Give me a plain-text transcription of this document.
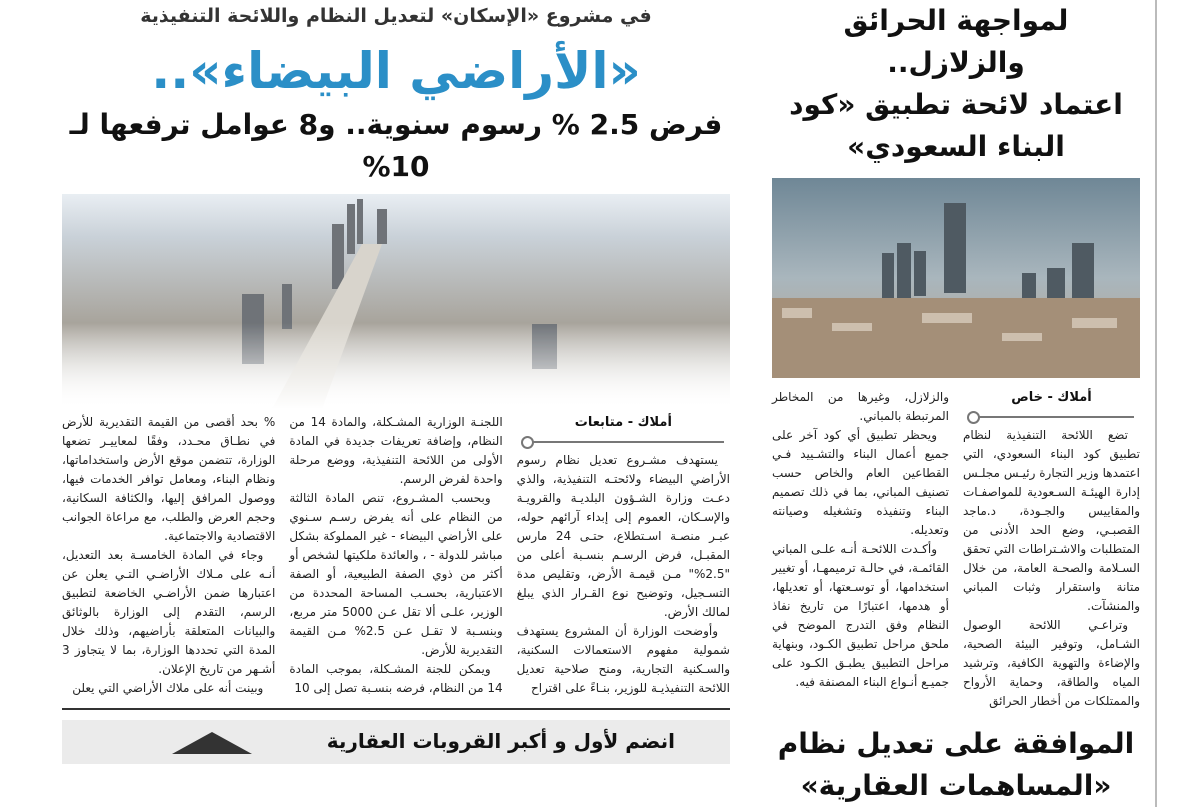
في مشروع «الإسكان» لتعديل النظام واللائحة التنفيذية
«الأراضي البيضاء»..
فرض 2.5 % رسوم سنوية.. و8 عوامل ترفعها لـ 10%
أملاك - متابعات

يستهدف مشـروع تعديل نظام رسوم الأراضي البيضاء ولائحتـه التنفيذية، والذي دعـت وزارة الشـؤون البلديـة والقرويـة والإسـكان، العموم إلى إبداء آرائهم حوله، عبـر منصـة اسـتطلاع، حتـى 24 مارس المقبـل، فرض الرسـم بنسـبة أعلى من "2.5%" مـن قيمـة الأرض، وتقليص مدة التسـجيل، وتوضيح نوع القـرار الذي يبلغ لمالك الأرض.

وأوضحت الوزارة أن المشروع يستهدف شمولية مفهوم الاستعمالات السكنية، والسـكنية التجارية، ومنح صلاحية تعديل اللائحة التنفيذيـة للوزير، بنـاءً على اقتراح

اللجنـة الوزارية المشـكلة، والمادة 14 من النظام، وإضافة تعريفات جديدة في المادة الأولى من اللائحة التنفيذية، ووضع مرحلة واحدة لفرض الرسم.

وبحسب المشـروع، تنص المادة الثالثة من النظام على أنه يفرض رسـم سـنوي على الأراضي البيضاء - غير المملوكة بشكل مباشر للدولة - ، والعائدة ملكيتها لشخص أو أكثر من ذوي الصفة الطبيعية، أو الصفة الاعتبارية، بحسـب المساحة المحددة من الوزير، علـى ألا تقل عـن 5000 متر مربع، وبنسـبة لا تقـل عـن 2.5% مـن القيمة التقديرية للأرض.

ويمكن للجنة المشـكلة، بموجب المادة 14 من النظام، فرضه بنسـبة تصل إلى 10

% بحد أقصى من القيمة التقديرية للأرض في نطـاق محـدد، وفقًا لمعاييـر تضعها الوزارة، تتضمن موقع الأرض واستخداماتها، ونظام البناء، ومعامل توافر الخدمات فيها، ووصول المرافق إليها، والكثافة السكانية، وحجم العرض والطلب، مع مراعاة الجوانب الاقتصادية والاجتماعية.

وجاء في المادة الخامسـة بعد التعديل، أنـه على مـلاك الأراضـي التـي يعلن عن اعتبارها ضمن الأراضـي الخاضعة لتطبيق الرسم، التقدم إلى الوزارة بالوثائق والبيانات المتعلقة بأراضيهم، وذلك خلال المدة التي تحددها الوزارة، بما لا يتجاوز 3 أشـهر من تاريخ الإعلان.

وبينت أنه على ملاك الأراضي التي يعلن

انضم لأول و أكبر القروبات العقارية
لمواجهة الحرائق والزلازل..
اعتماد لائحة تطبيق «كود البناء السعودي»
أملاك - خاص

تضع اللائحة التنفيذية لنظام تطبيق كود البناء السعودي، التي اعتمدها وزير التجارة رئيـس مجلـس إدارة الهيئـة السـعودية للمواصفـات والمقاييس والجـودة، د.ماجد القصبـي، وضع الحد الأدنى من المتطلبات والاشـتراطات التي تحقق السـلامة والصحـة العامة، من خلال متانة واستقرار وثبات المباني والمنشآت.

وتراعـي اللائحة الوصول الشـامل، وتوفير البيئة الصحية، والإضاءة والتهوية الكافية، وترشيد المياه والطاقة، وحماية الأرواح والممتلكات من أخطار الحرائق

والزلازل، وغيرها من المخاطر المرتبطة بالمباني.

ويحظر تطبيق أي كود آخر على جميع أعمال البناء والتشـييد فـي القطاعين العام والخاص حسب تصنيف المباني، بما في ذلك تصميم البناء وتنفيذه وتشغيله وصيانته وتعديله.

وأكـدت اللائحـة أنـه علـى المباني القائمـة، في حالـة ترميمهـا، أو تغيير استخدامها، أو توسـعتها، أو تعديلها، أو هدمها، اعتبارًا من تاريخ نفاذ النظام وفق التدرج الموضح في ملحق مراحل تطبيق الكـود، وبنهاية مراحل التطبيق يطبـق الكـود على جميـع أنـواع البناء المصنفة فيه.

الموافقة على تعديل نظام
«المساهمات العقارية»
